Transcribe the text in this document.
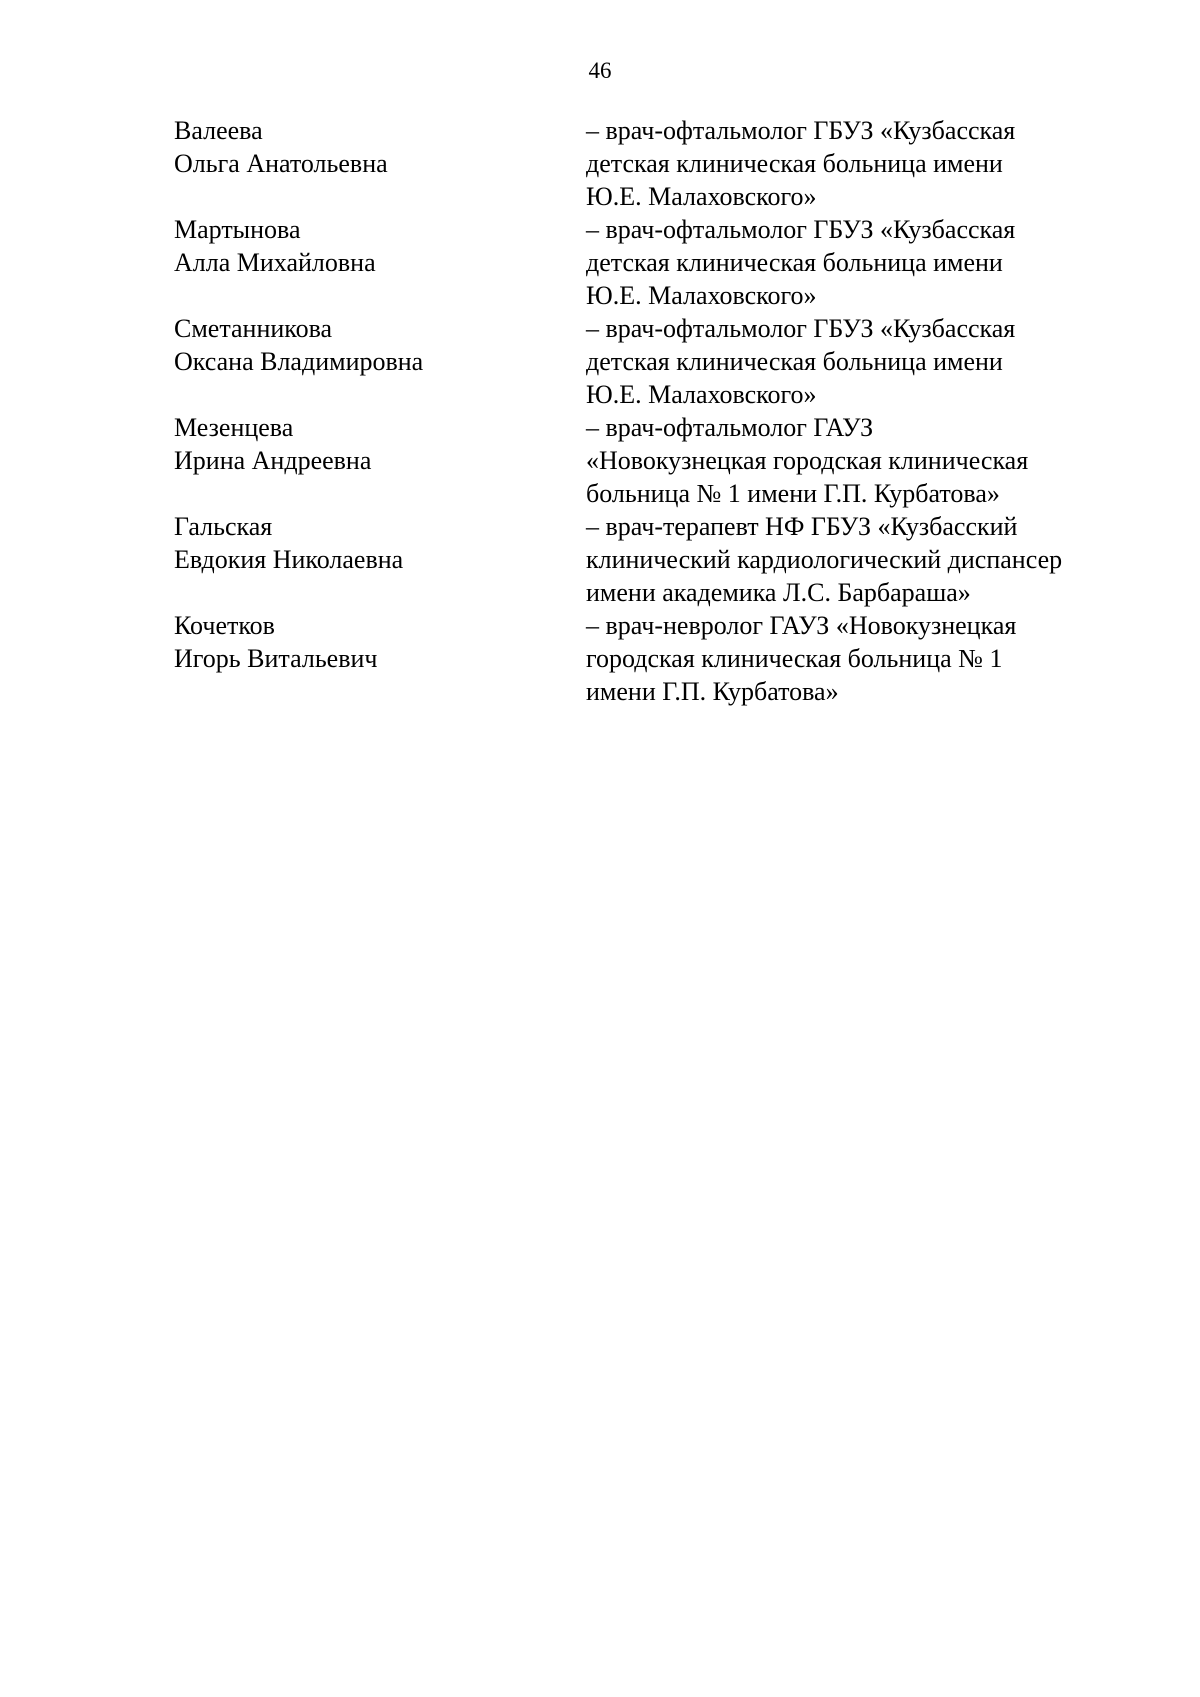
46
Валеева
Ольга Анатольевна
– врач-офтальмолог ГБУЗ «Кузбасская
детская клиническая больница имени
Ю.Е. Малаховского»
Мартынова
Алла Михайловна
– врач-офтальмолог ГБУЗ «Кузбасская
детская клиническая больница имени
Ю.Е. Малаховского»
Сметанникова
Оксана Владимировна
– врач-офтальмолог ГБУЗ «Кузбасская
детская клиническая больница имени
Ю.Е. Малаховского»
Мезенцева
Ирина Андреевна
– врач-офтальмолог ГАУЗ
«Новокузнецкая городская клиническая
больница № 1 имени Г.П. Курбатова»
Гальская
Евдокия Николаевна
– врач-терапевт НФ ГБУЗ «Кузбасский
клинический кардиологический диспансер
имени академика Л.С. Барбараша»
Кочетков
Игорь Витальевич
– врач-невролог ГАУЗ «Новокузнецкая
городская клиническая больница № 1
имени Г.П. Курбатова»
